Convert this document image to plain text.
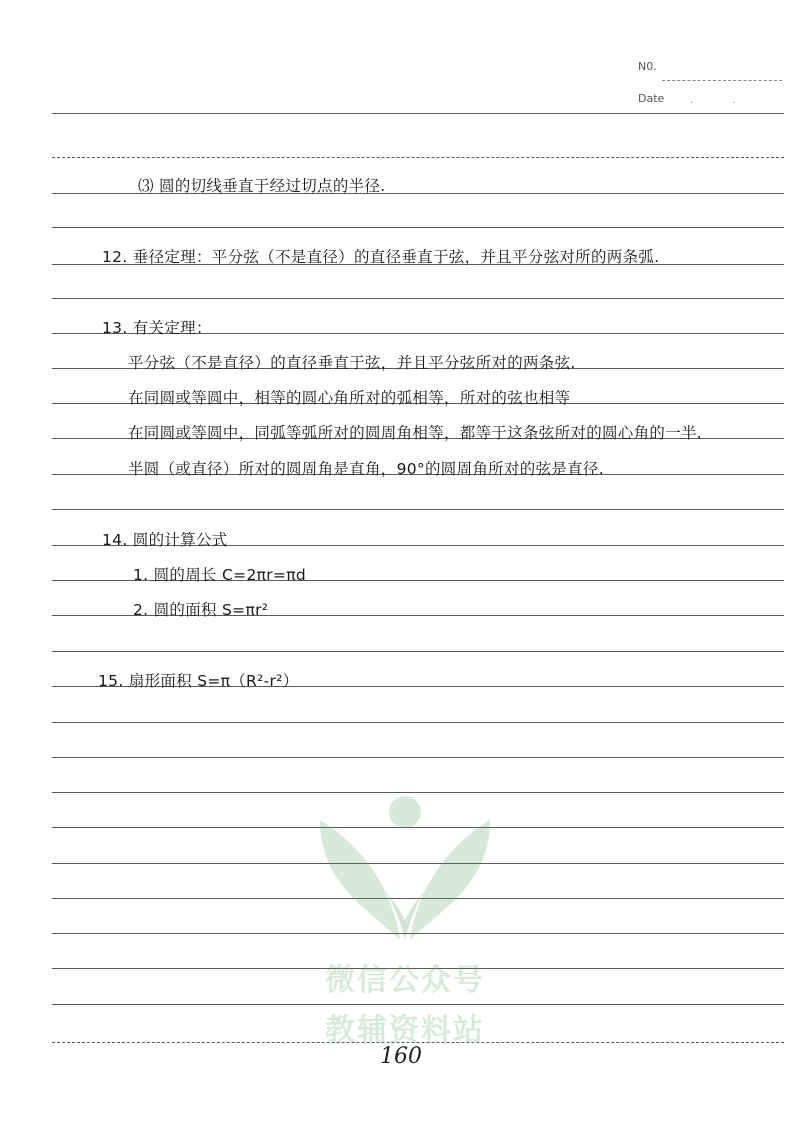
N0.
Date	· ·
微信公众号
教辅资料站
⑶ 圆的切线垂直于经过切点的半径.
12. 垂径定理：平分弦（不是直径）的直径垂直于弦，并且平分弦对所的两条弧.
13. 有关定理：
平分弦（不是直径）的直径垂直于弦，并且平分弦所对的两条弦.
在同圆或等圆中，相等的圆心角所对的弧相等，所对的弦也相等
在同圆或等圆中，同弧等弧所对的圆周角相等，都等于这条弦所对的圆心角的一半.
半圆（或直径）所对的圆周角是直角，90°的圆周角所对的弦是直径.
14. 圆的计算公式
1. 圆的周长 C=2πr=πd
2. 圆的面积 S=πr²
15. 扇形面积 S=π（R²-r²）
160
